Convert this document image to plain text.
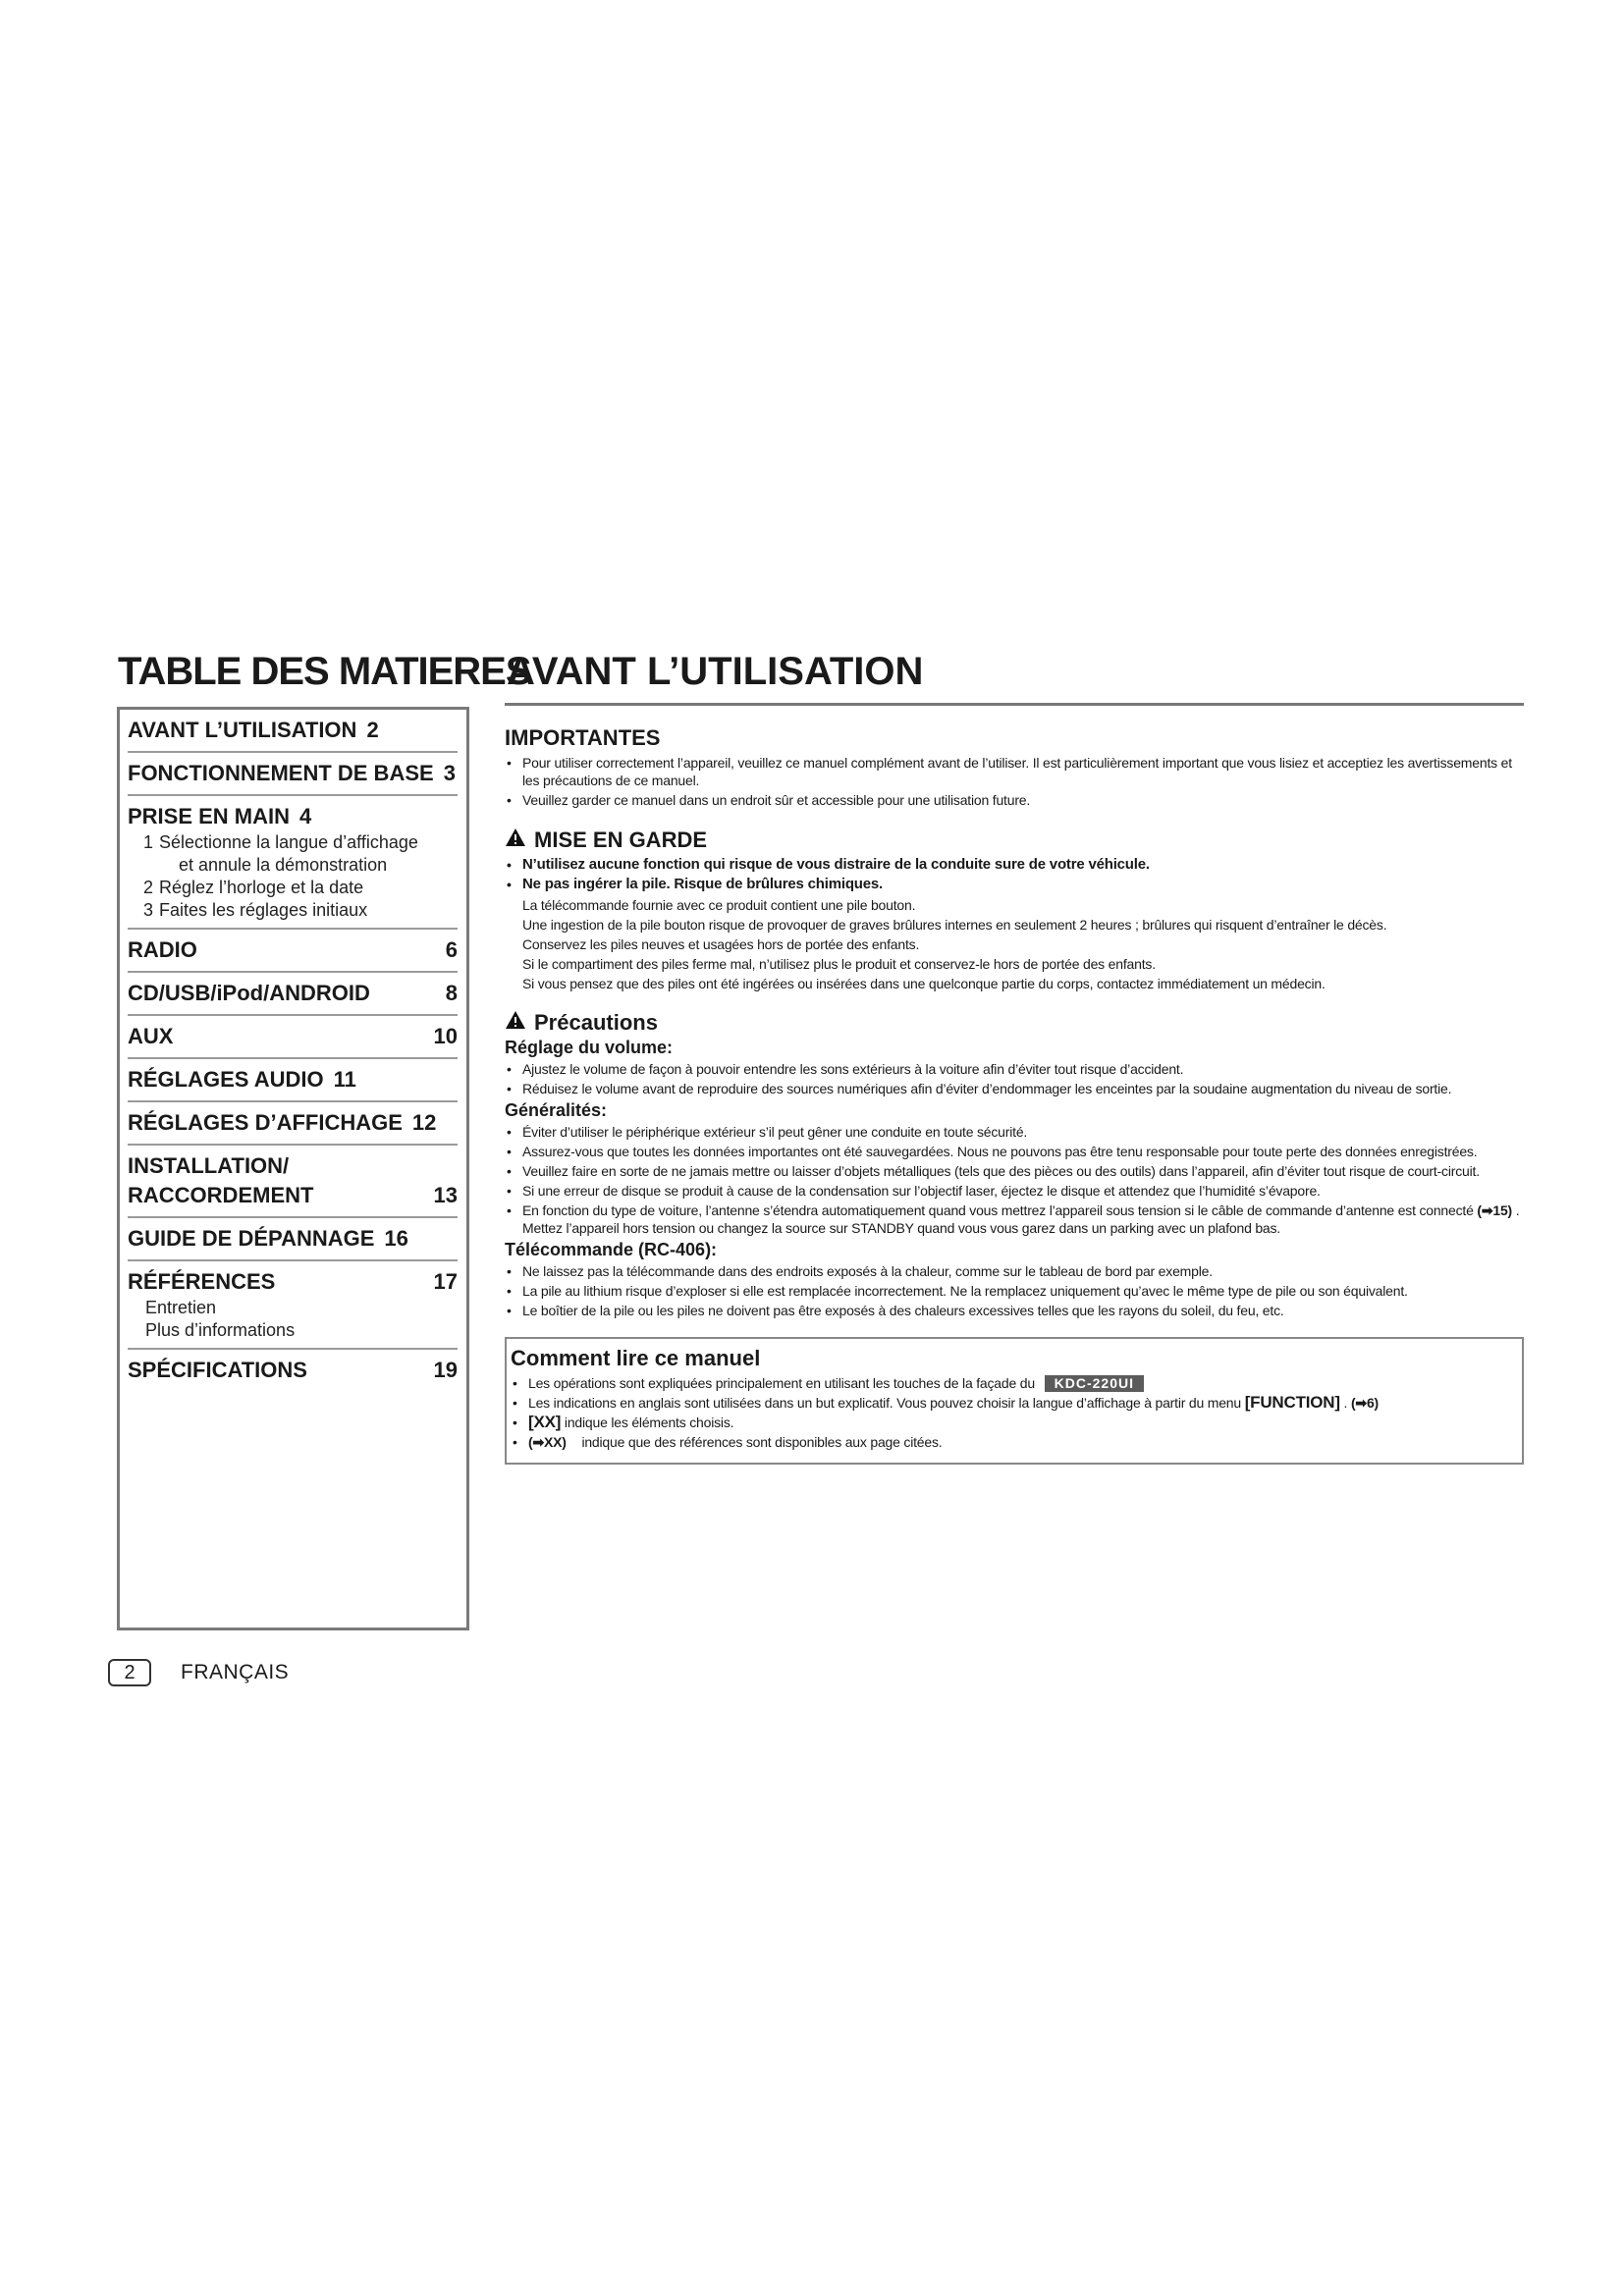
TABLE DES MATIERES
AVANT L’UTILISATION 2
FONCTIONNEMENT DE BASE 3
PRISE EN MAIN 4
1 Sélectionne la langue d’affichage
et annule la démonstration
2 Réglez l’horloge et la date
3 Faites les réglages initiaux
RADIO	6
CD/USB/iPod/ANDROID	8
AUX	10
RÉGLAGES AUDIO 11
RÉGLAGES D’AFFICHAGE 12
INSTALLATION/
RACCORDEMENT	13
GUIDE DE DÉPANNAGE 16
RÉFÉRENCES	17
Entretien
Plus d’informations
SPÉCIFICATIONS	19
2	FRANÇAIS
AVANT L’UTILISATION
IMPORTANTES
• Pour utiliser correctement l’appareil, veuillez ce manuel complément avant de l’utiliser. Il est particulièrement important que vous lisiez et acceptiez les avertissements et les précautions de ce manuel.
• Veuillez garder ce manuel dans un endroit sûr et accessible pour une utilisation future.
MISE EN GARDE
• N’utilisez aucune fonction qui risque de vous distraire de la conduite sure de votre véhicule.
• Ne pas ingérer la pile. Risque de brûlures chimiques.
La télécommande fournie avec ce produit contient une pile bouton.
Une ingestion de la pile bouton risque de provoquer de graves brûlures internes en seulement 2 heures ; brûlures qui risquent d’entraîner le décès.
Conservez les piles neuves et usagées hors de portée des enfants.
Si le compartiment des piles ferme mal, n’utilisez plus le produit et conservez-le hors de portée des enfants.
Si vous pensez que des piles ont été ingérées ou insérées dans une quelconque partie du corps, contactez immédiatement un médecin.
Précautions
Réglage du volume:
• Ajustez le volume de façon à pouvoir entendre les sons extérieurs à la voiture afin d’éviter tout risque d’accident.
• Réduisez le volume avant de reproduire des sources numériques afin d’éviter d’endommager les enceintes par la soudaine augmentation du niveau de sortie.
Généralités:
• Éviter d’utiliser le périphérique extérieur s’il peut gêner une conduite en toute sécurité.
• Assurez-vous que toutes les données importantes ont été sauvegardées. Nous ne pouvons pas être tenu responsable pour toute perte des données enregistrées.
• Veuillez faire en sorte de ne jamais mettre ou laisser d’objets métalliques (tels que des pièces ou des outils) dans l’appareil, afin d’éviter tout risque de court-circuit.
• Si une erreur de disque se produit à cause de la condensation sur l’objectif laser, éjectez le disque et attendez que l’humidité s’évapore.
• En fonction du type de voiture, l’antenne s’étendra automatiquement quand vous mettrez l’appareil sous tension si le câble de commande d’antenne est connecté (➡15) .
Mettez l’appareil hors tension ou changez la source sur STANDBY quand vous vous garez dans un parking avec un plafond bas.
Télécommande (RC-406):
• Ne laissez pas la télécommande dans des endroits exposés à la chaleur, comme sur le tableau de bord par exemple.
• La pile au lithium risque d’exploser si elle est remplacée incorrectement. Ne la remplacez uniquement qu’avec le même type de pile ou son équivalent.
• Le boîtier de la pile ou les piles ne doivent pas être exposés à des chaleurs excessives telles que les rayons du soleil, du feu, etc.
Comment lire ce manuel
• Les opérations sont expliquées principalement en utilisant les touches de la façade du KDC-220UI
• Les indications en anglais sont utilisées dans un but explicatif. Vous pouvez choisir la langue d’affichage à partir du menu [FUNCTION] . (➡6)
• [XX] indique les éléments choisis.
• (➡XX) indique que des références sont disponibles aux page citées.
